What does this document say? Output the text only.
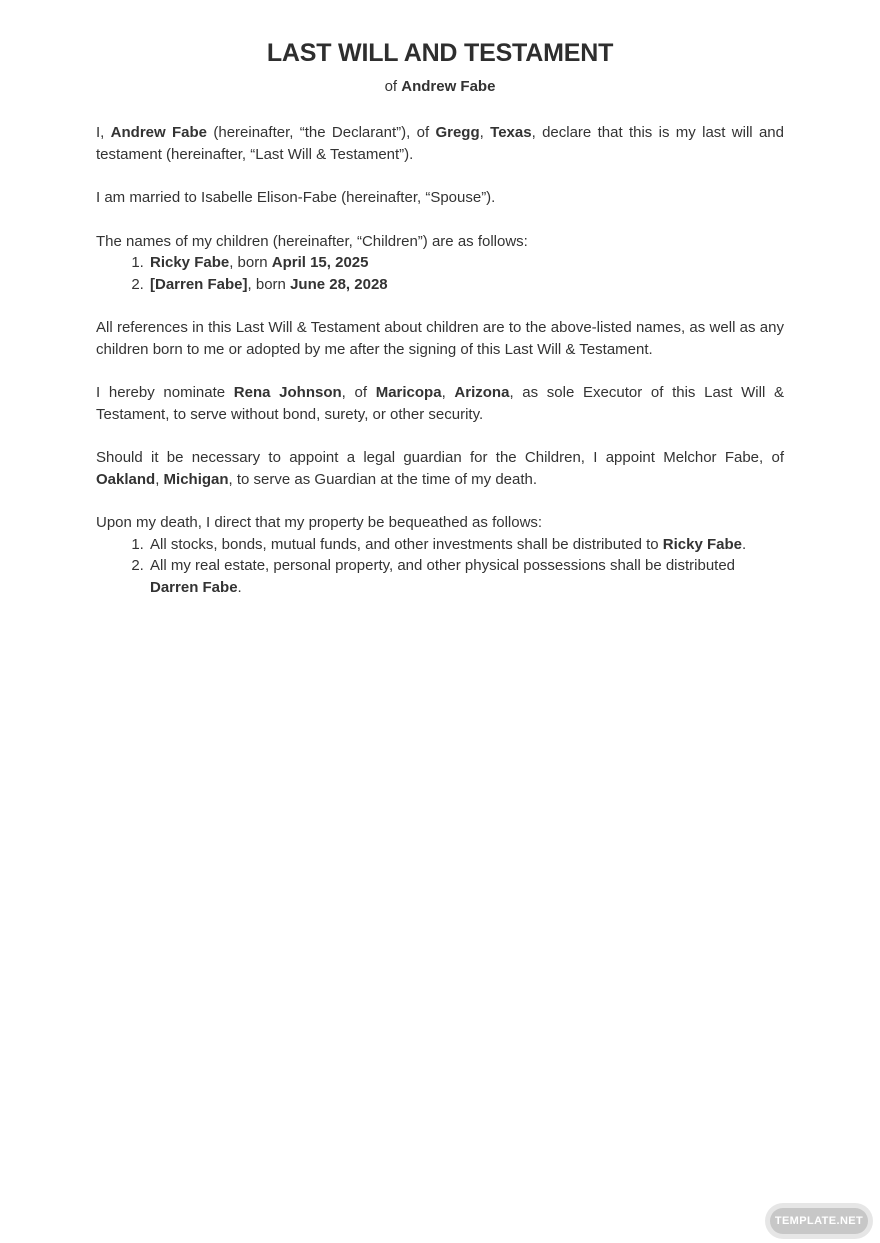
LAST WILL AND TESTAMENT

of Andrew Fabe

I, Andrew Fabe (hereinafter, “the Declarant”), of Gregg, Texas, declare that this is my last will and testament (hereinafter, “Last Will & Testament”).

I am married to Isabelle Elison-Fabe (hereinafter, “Spouse”).

The names of my children (hereinafter, “Children”) are as follows:

1. Ricky Fabe, born April 15, 2025
2. [Darren Fabe], born June 28, 2028

All references in this Last Will & Testament about children are to the above-listed names, as well as any children born to me or adopted by me after the signing of this Last Will & Testament.

I hereby nominate Rena Johnson, of Maricopa, Arizona, as sole Executor of this Last Will & Testament, to serve without bond, surety, or other security.

Should it be necessary to appoint a legal guardian for the Children, I appoint Melchor Fabe, of Oakland, Michigan, to serve as Guardian at the time of my death.

Upon my death, I direct that my property be bequeathed as follows:

1. All stocks, bonds, mutual funds, and other investments shall be distributed to Ricky Fabe.
2. All my real estate, personal property, and other physical possessions shall be distributed Darren Fabe.
TEMPLATE.NET
